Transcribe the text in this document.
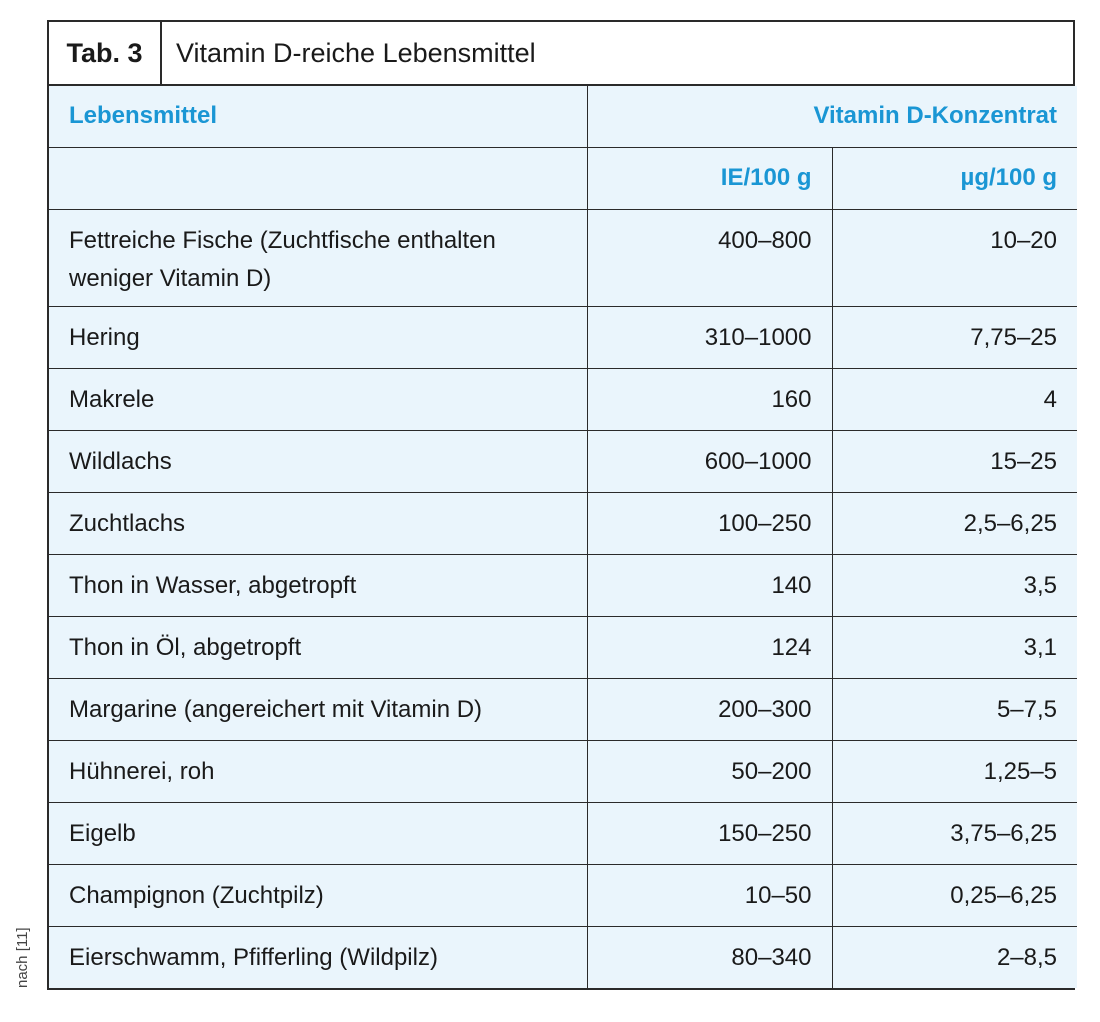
Tab. 3	Vitamin D-reiche Lebensmittel
Lebensmittel	Vitamin D-Konzentrat	
	IE/100 g	µg/100 g
Fettreiche Fische (Zuchtfische enthalten weniger Vitamin D)	400–800	10–20
Hering	310–1000	7,75–25
Makrele	160	4
Wildlachs	600–1000	15–25
Zuchtlachs	100–250	2,5–6,25
Thon in Wasser, abgetropft	140	3,5
Thon in Öl, abgetropft	124	3,1
Margarine (angereichert mit Vitamin D)	200–300	5–7,5
Hühnerei, roh	50–200	1,25–5
Eigelb	150–250	3,75–6,25
Champignon (Zuchtpilz)	10–50	0,25–6,25
Eierschwamm, Pfifferling (Wildpilz)	80–340	2–8,5
nach [11]
